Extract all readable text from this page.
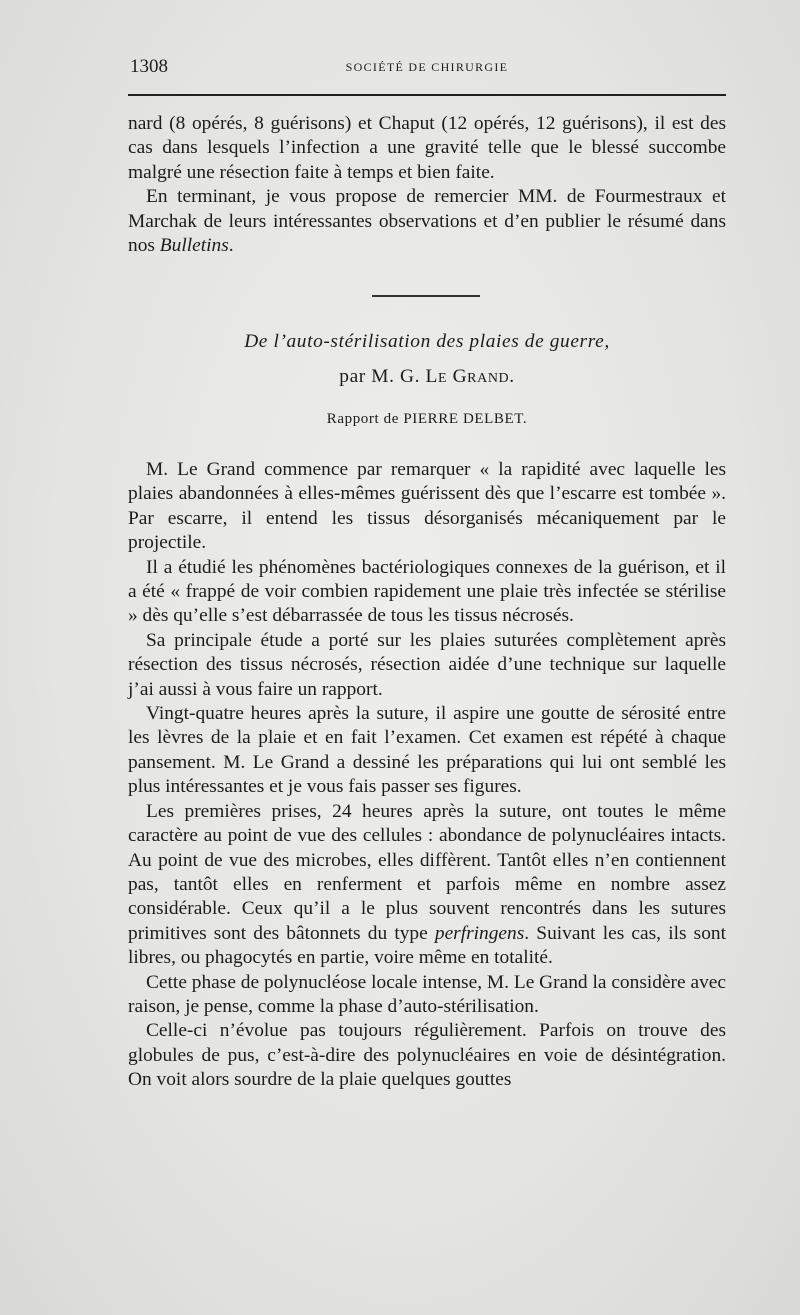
1308	SOCIÉTÉ DE CHIRURGIE

nard (8 opérés, 8 guérisons) et Chaput (12 opérés, 12 guérisons), il est des cas dans lesquels l’infection a une gravité telle que le blessé succombe malgré une résection faite à temps et bien faite.

En terminant, je vous propose de remercier MM. de Fourmestraux et Marchak de leurs intéressantes observations et d’en publier le résumé dans nos Bulletins.

De l’auto-stérilisation des plaies de guerre,
par M. G. Le Grand.
Rapport de PIERRE DELBET.

M. Le Grand commence par remarquer « la rapidité avec laquelle les plaies abandonnées à elles-mêmes guérissent dès que l’escarre est tombée ». Par escarre, il entend les tissus désorganisés mécaniquement par le projectile.

Il a étudié les phénomènes bactériologiques connexes de la guérison, et il a été « frappé de voir combien rapidement une plaie très infectée se stérilise » dès qu’elle s’est débarrassée de tous les tissus nécrosés.

Sa principale étude a porté sur les plaies suturées complètement après résection des tissus nécrosés, résection aidée d’une technique sur laquelle j’ai aussi à vous faire un rapport.

Vingt-quatre heures après la suture, il aspire une goutte de sérosité entre les lèvres de la plaie et en fait l’examen. Cet examen est répété à chaque pansement. M. Le Grand a dessiné les préparations qui lui ont semblé les plus intéressantes et je vous fais passer ses figures.

Les premières prises, 24 heures après la suture, ont toutes le même caractère au point de vue des cellules : abondance de polynucléaires intacts. Au point de vue des microbes, elles diffèrent. Tantôt elles n’en contiennent pas, tantôt elles en renferment et parfois même en nombre assez considérable. Ceux qu’il a le plus souvent rencontrés dans les sutures primitives sont des bâtonnets du type perfringens. Suivant les cas, ils sont libres, ou phagocytés en partie, voire même en totalité.

Cette phase de polynucléose locale intense, M. Le Grand la considère avec raison, je pense, comme la phase d’auto-stérilisation.

Celle-ci n’évolue pas toujours régulièrement. Parfois on trouve des globules de pus, c’est-à-dire des polynucléaires en voie de désintégration. On voit alors sourdre de la plaie quelques gouttes
